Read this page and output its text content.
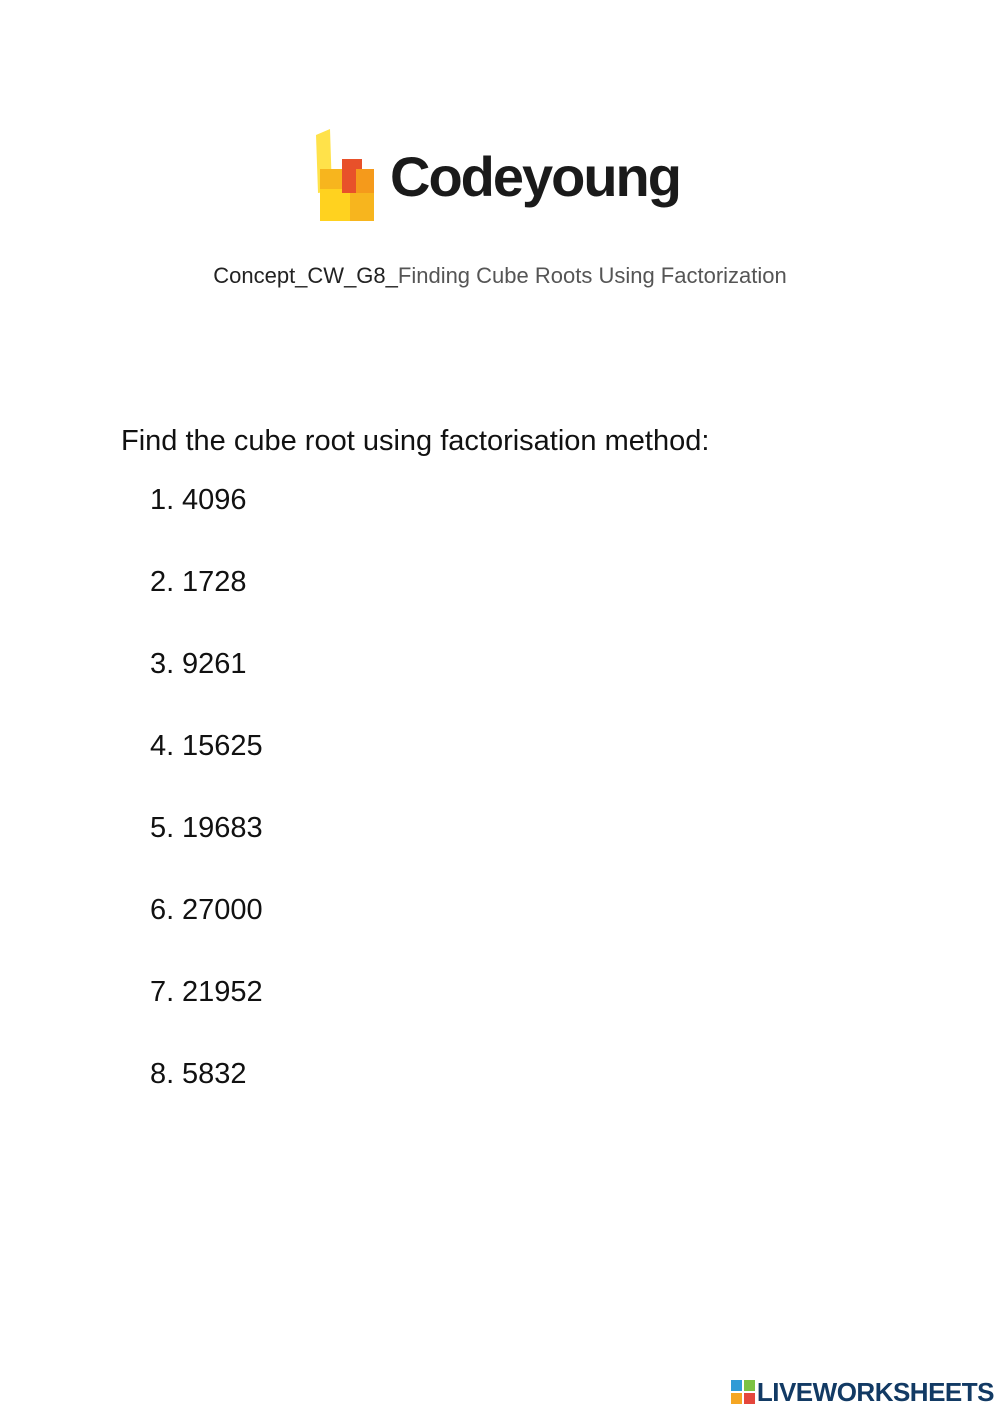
Codeyoung
Concept_CW_G8_Finding Cube Roots Using Factorization
Find the cube root using factorisation method:
1. 4096
2. 1728
3. 9261
4. 15625
5. 19683
6. 27000
7. 21952
8. 5832
LIVEWORKSHEETS
